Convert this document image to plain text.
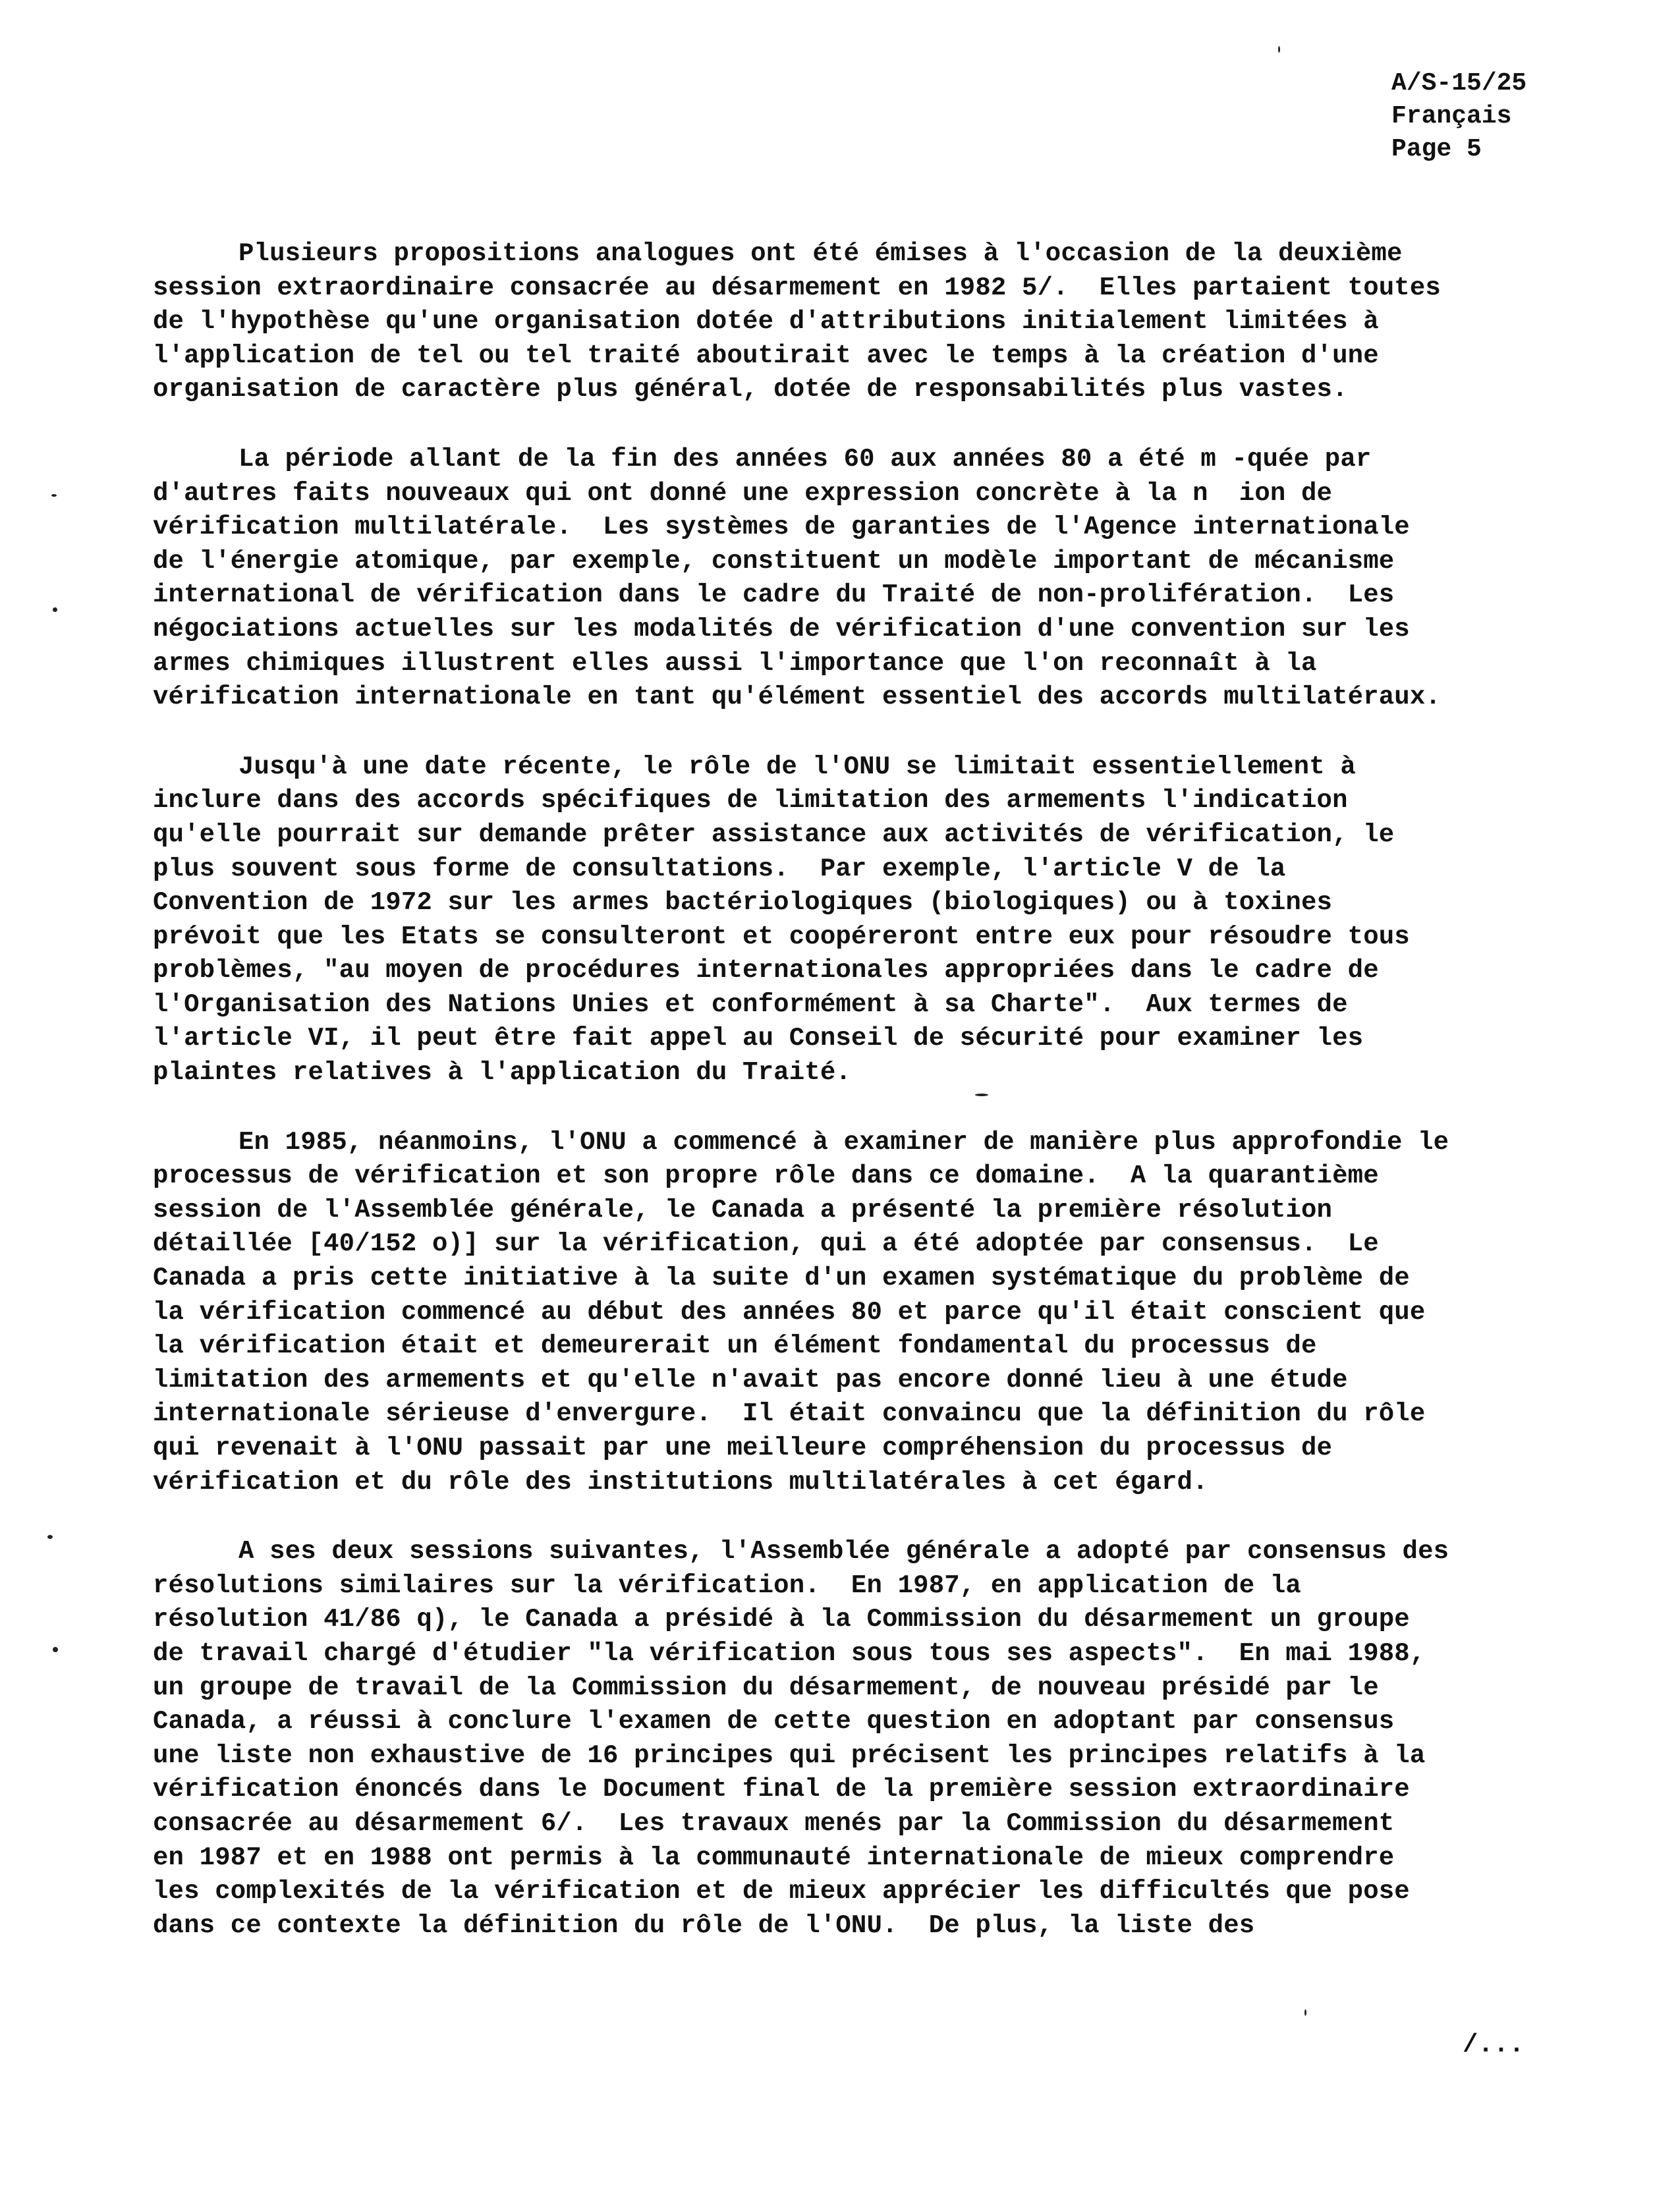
A/S-15/25
Français
Page 5
Plusieurs propositions analogues ont été émises à l'occasion de la deuxième
session extraordinaire consacrée au désarmement en 1982 5/.  Elles partaient toutes
de l'hypothèse qu'une organisation dotée d'attributions initialement limitées à
l'application de tel ou tel traité aboutirait avec le temps à la création d'une
organisation de caractère plus général, dotée de responsabilités plus vastes.
La période allant de la fin des années 60 aux années 80 a été m -quée par
d'autres faits nouveaux qui ont donné une expression concrète à la n  ion de
vérification multilatérale.  Les systèmes de garanties de l'Agence internationale
de l'énergie atomique, par exemple, constituent un modèle important de mécanisme
international de vérification dans le cadre du Traité de non-prolifération.  Les
négociations actuelles sur les modalités de vérification d'une convention sur les
armes chimiques illustrent elles aussi l'importance que l'on reconnaît à la
vérification internationale en tant qu'élément essentiel des accords multilatéraux.
Jusqu'à une date récente, le rôle de l'ONU se limitait essentiellement à
inclure dans des accords spécifiques de limitation des armements l'indication
qu'elle pourrait sur demande prêter assistance aux activités de vérification, le
plus souvent sous forme de consultations.  Par exemple, l'article V de la
Convention de 1972 sur les armes bactériologiques (biologiques) ou à toxines
prévoit que les Etats se consulteront et coopéreront entre eux pour résoudre tous
problèmes, "au moyen de procédures internationales appropriées dans le cadre de
l'Organisation des Nations Unies et conformément à sa Charte".  Aux termes de
l'article VI, il peut être fait appel au Conseil de sécurité pour examiner les
plaintes relatives à l'application du Traité.
En 1985, néanmoins, l'ONU a commencé à examiner de manière plus approfondie le
processus de vérification et son propre rôle dans ce domaine.  A la quarantième
session de l'Assemblée générale, le Canada a présenté la première résolution
détaillée [40/152 o)] sur la vérification, qui a été adoptée par consensus.  Le
Canada a pris cette initiative à la suite d'un examen systématique du problème de
la vérification commencé au début des années 80 et parce qu'il était conscient que
la vérification était et demeurerait un élément fondamental du processus de
limitation des armements et qu'elle n'avait pas encore donné lieu à une étude
internationale sérieuse d'envergure.  Il était convaincu que la définition du rôle
qui revenait à l'ONU passait par une meilleure compréhension du processus de
vérification et du rôle des institutions multilatérales à cet égard.
A ses deux sessions suivantes, l'Assemblée générale a adopté par consensus des
résolutions similaires sur la vérification.  En 1987, en application de la
résolution 41/86 q), le Canada a présidé à la Commission du désarmement un groupe
de travail chargé d'étudier "la vérification sous tous ses aspects".  En mai 1988,
un groupe de travail de la Commission du désarmement, de nouveau présidé par le
Canada, a réussi à conclure l'examen de cette question en adoptant par consensus
une liste non exhaustive de 16 principes qui précisent les principes relatifs à la
vérification énoncés dans le Document final de la première session extraordinaire
consacrée au désarmement 6/.  Les travaux menés par la Commission du désarmement
en 1987 et en 1988 ont permis à la communauté internationale de mieux comprendre
les complexités de la vérification et de mieux apprécier les difficultés que pose
dans ce contexte la définition du rôle de l'ONU.  De plus, la liste des
/...
